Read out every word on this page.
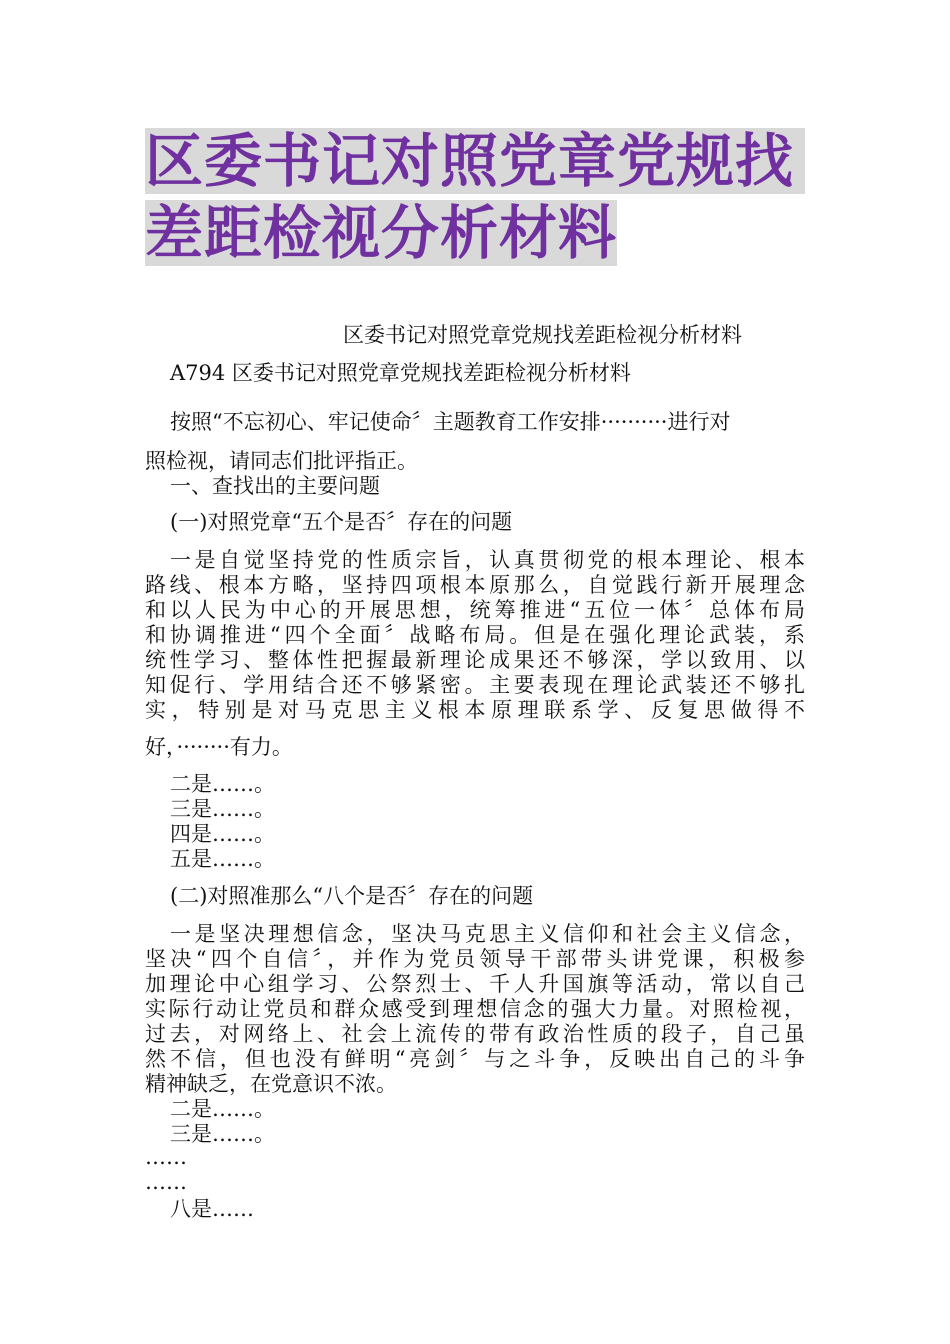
区委书记对照党章党规找
差距检视分析材料
区委书记对照党章党规找差距检视分析材料
A794 区委书记对照党章党规找差距检视分析材料
按照“不忘初心、牢记使命〞主题教育工作安排··········进行对
照检视，请同志们批评指正。
一、查找出的主要问题
(一)对照党章“五个是否〞存在的问题
一是自觉坚持党的性质宗旨，认真贯彻党的根本理论、根本
路线、根本方略，坚持四项根本原那么，自觉践行新开展理念
和以人民为中心的开展思想，统筹推进“五位一体〞总体布局
和协调推进“四个全面〞战略布局。但是在强化理论武装，系
统性学习、整体性把握最新理论成果还不够深，学以致用、以
知促行、学用结合还不够紧密。主要表现在理论武装还不够扎
实，特别是对马克思主义根本原理联系学、反复思做得不
好，········有力。
二是……。
三是……。
四是……。
五是……。
(二)对照准那么“八个是否〞存在的问题
一是坚决理想信念，坚决马克思主义信仰和社会主义信念，
坚决“四个自信〞，并作为党员领导干部带头讲党课，积极参
加理论中心组学习、公祭烈士、千人升国旗等活动，常以自己
实际行动让党员和群众感受到理想信念的强大力量。对照检视，
过去，对网络上、社会上流传的带有政治性质的段子，自己虽
然不信，但也没有鲜明“亮剑〞与之斗争，反映出自己的斗争
精神缺乏，在党意识不浓。
二是……。
三是……。
……
……
八是……
